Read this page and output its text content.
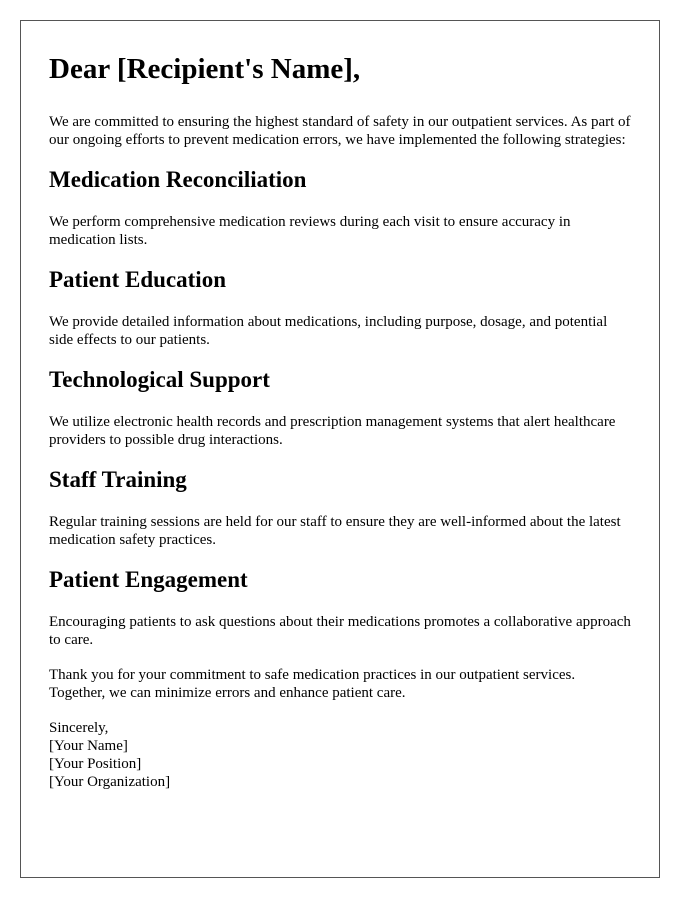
Dear [Recipient's Name],

We are committed to ensuring the highest standard of safety in our outpatient services. As part of our ongoing efforts to prevent medication errors, we have implemented the following strategies:

Medication Reconciliation

We perform comprehensive medication reviews during each visit to ensure accuracy in medication lists.

Patient Education

We provide detailed information about medications, including purpose, dosage, and potential side effects to our patients.

Technological Support

We utilize electronic health records and prescription management systems that alert healthcare providers to possible drug interactions.

Staff Training

Regular training sessions are held for our staff to ensure they are well-informed about the latest medication safety practices.

Patient Engagement

Encouraging patients to ask questions about their medications promotes a collaborative approach to care.

Thank you for your commitment to safe medication practices in our outpatient services. Together, we can minimize errors and enhance patient care.

Sincerely,
[Your Name]
[Your Position]
[Your Organization]
